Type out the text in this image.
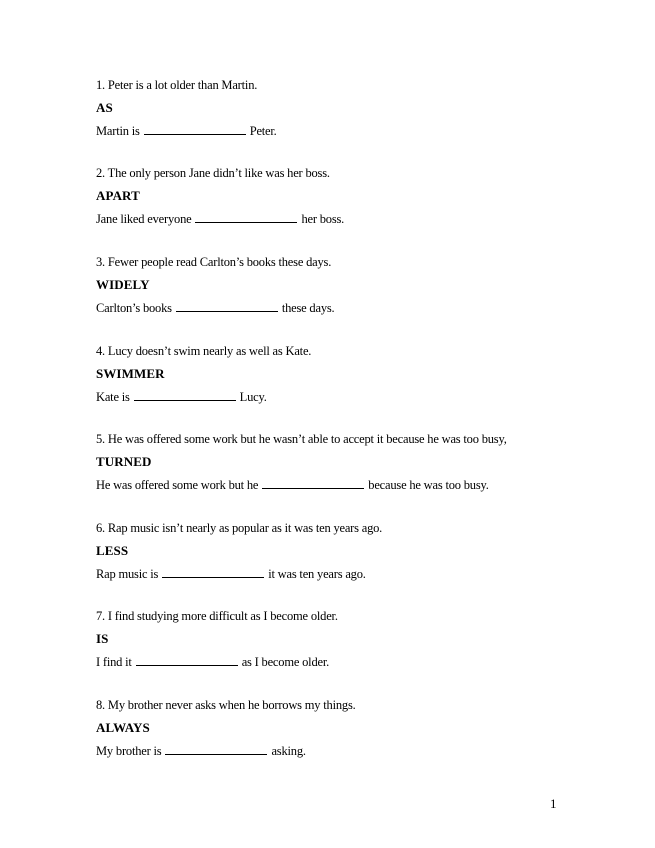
1. Peter is a lot older than Martin.
AS
Martin is	Peter.
2. The only person Jane didn’t like was her boss.
APART
Jane liked everyone	her boss.
3. Fewer people read Carlton’s books these days.
WIDELY
Carlton’s books	these days.
4. Lucy doesn’t swim nearly as well as Kate.
SWIMMER
Kate is	Lucy.
5. He was offered some work but he wasn’t able to accept it because he was too busy,
TURNED
He was offered some work but he	because he was too busy.
6. Rap music isn’t nearly as popular as it was ten years ago.
LESS
Rap music is	it was ten years ago.
7. I find studying more difficult as I become older.
IS
I find it	as I become older.
8. My brother never asks when he borrows my things.
ALWAYS
My brother is	asking.
1
